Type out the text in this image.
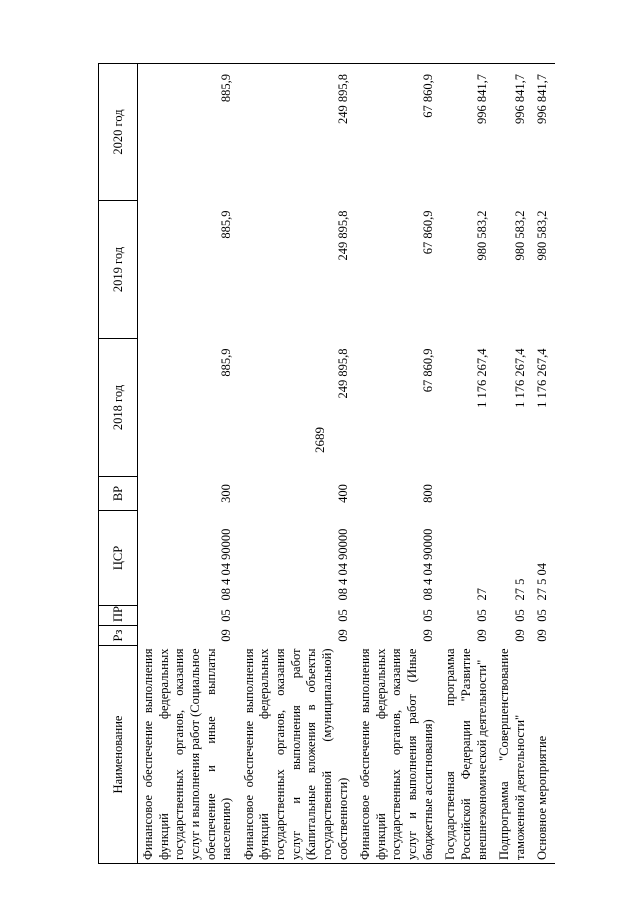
2689
Наименование	Рз	ПР	ЦСР	ВР	2018 год	2019 год	2020 год
Финансовое обеспечение выполнения функций федеральных государственных органов, оказания услуг и выполнения работ (Социальное обеспечение и иные выплаты населению)	09	05	08 4 04 90000	300	885,9	885,9	885,9
Финансовое обеспечение выполнения функций федеральных государственных органов, оказания услуг и выполнения работ (Капитальные вложения в объекты государственной (муниципальной) собственности)	09	05	08 4 04 90000	400	249 895,8	249 895,8	249 895,8
Финансовое обеспечение выполнения функций федеральных государственных органов, оказания услуг и выполнения работ (Иные бюджетные ассигнования)	09	05	08 4 04 90000	800	67 860,9	67 860,9	67 860,9
Государственная программа Российской Федерации "Развитие внешнеэкономической деятельности"	09	05	27		1 176 267,4	980 583,2	996 841,7
Подпрограмма "Совершенствование таможенной деятельности"	09	05	27 5		1 176 267,4	980 583,2	996 841,7
Основное мероприятие	09	05	27 5 04		1 176 267,4	980 583,2	996 841,7
